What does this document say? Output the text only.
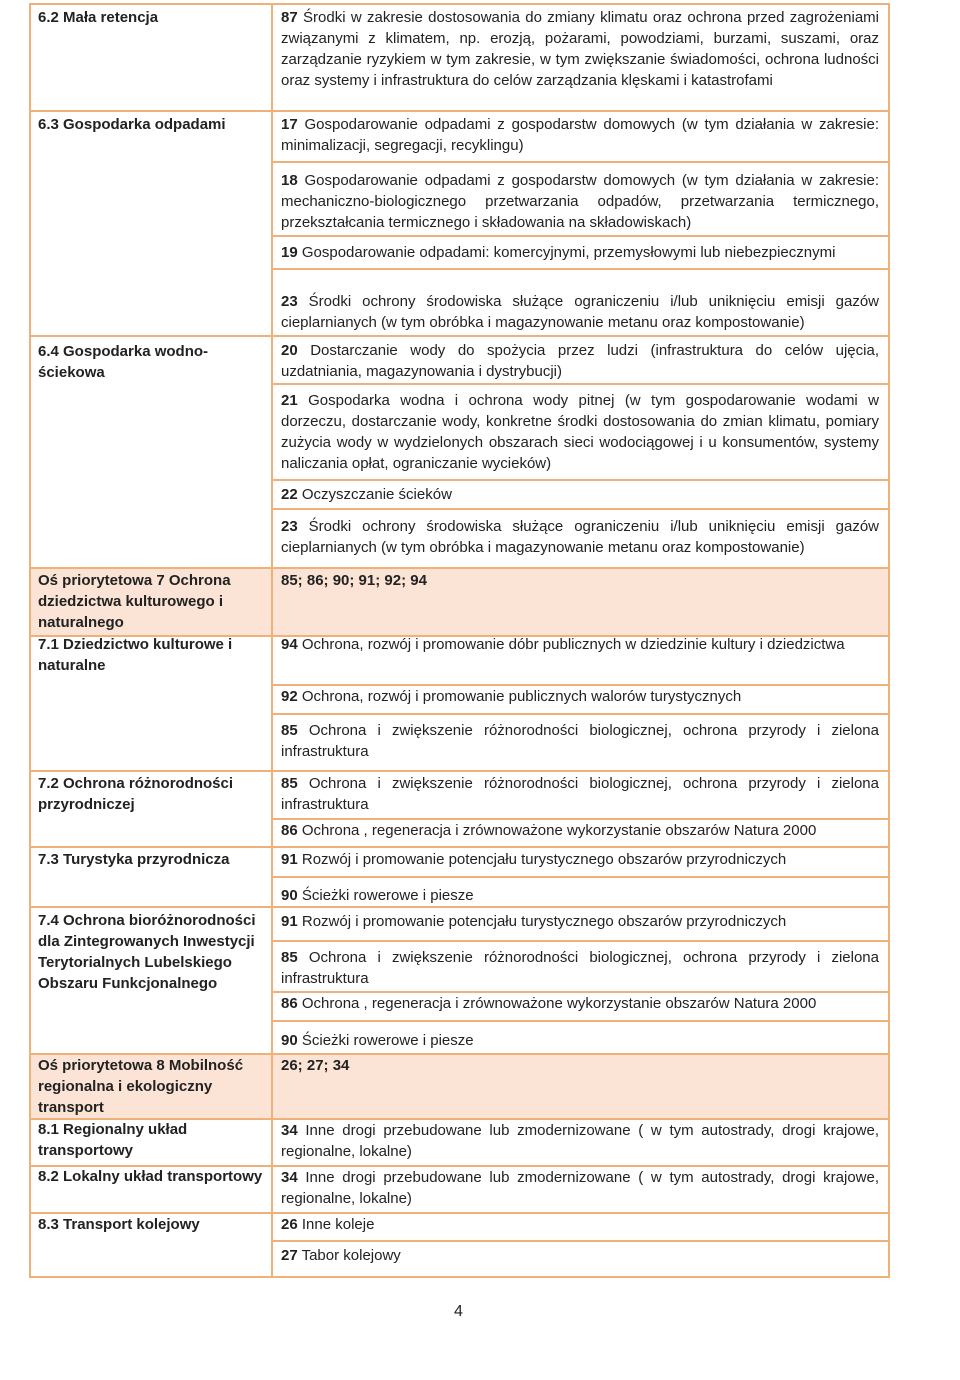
6.2 Mała retencja
6.3 Gospodarka odpadami
6.4 Gospodarka wodno-ściekowa
Oś priorytetowa 7 Ochrona dziedzictwa kulturowego i naturalnego
7.1 Dziedzictwo kulturowe i naturalne
7.2 Ochrona różnorodności przyrodniczej
7.3 Turystyka przyrodnicza
7.4 Ochrona bioróżnorodności dla Zintegrowanych Inwestycji Terytorialnych Lubelskiego Obszaru Funkcjonalnego
Oś priorytetowa 8 Mobilność regionalna i ekologiczny transport
8.1 Regionalny układ transportowy
8.2 Lokalny układ transportowy
8.3 Transport kolejowy
87 Środki w zakresie dostosowania do zmiany klimatu oraz ochrona przed zagrożeniami związanymi z klimatem, np. erozją, pożarami, powodziami, burzami, suszami, oraz zarządzanie ryzykiem w tym zakresie, w tym zwiększanie świadomości, ochrona ludności oraz systemy i infrastruktura do celów zarządzania klęskami i katastrofami
17 Gospodarowanie odpadami z gospodarstw domowych (w tym działania w zakresie: minimalizacji, segregacji, recyklingu)
18 Gospodarowanie odpadami z gospodarstw domowych (w tym działania w zakresie: mechaniczno-biologicznego przetwarzania odpadów, przetwarzania termicznego, przekształcania termicznego i składowania na składowiskach)
19 Gospodarowanie odpadami: komercyjnymi, przemysłowymi lub niebezpiecznymi
23 Środki ochrony środowiska służące ograniczeniu i/lub uniknięciu emisji gazów cieplarnianych (w tym obróbka i magazynowanie metanu oraz kompostowanie)
20 Dostarczanie wody do spożycia przez ludzi (infrastruktura do celów ujęcia, uzdatniania, magazynowania i dystrybucji)
21 Gospodarka wodna i ochrona wody pitnej (w tym gospodarowanie wodami w dorzeczu, dostarczanie wody, konkretne środki dostosowania do zmian klimatu, pomiary zużycia wody w wydzielonych obszarach sieci wodociągowej i u konsumentów, systemy naliczania opłat, ograniczanie wycieków)
22 Oczyszczanie ścieków
23 Środki ochrony środowiska służące ograniczeniu i/lub uniknięciu emisji gazów cieplarnianych (w tym obróbka i magazynowanie metanu oraz kompostowanie)
85; 86; 90; 91; 92; 94
94 Ochrona, rozwój i promowanie dóbr publicznych w dziedzinie kultury i dziedzictwa
92 Ochrona, rozwój i promowanie publicznych walorów turystycznych
85 Ochrona i zwiększenie różnorodności biologicznej, ochrona przyrody i zielona infrastruktura
85 Ochrona i zwiększenie różnorodności biologicznej, ochrona przyrody i zielona infrastruktura
86 Ochrona , regeneracja i zrównoważone wykorzystanie obszarów Natura 2000
91 Rozwój i promowanie potencjału turystycznego obszarów przyrodniczych
90 Ścieżki rowerowe i piesze
91 Rozwój i promowanie potencjału turystycznego obszarów przyrodniczych
85 Ochrona i zwiększenie różnorodności biologicznej, ochrona przyrody i zielona infrastruktura
86 Ochrona , regeneracja i zrównoważone wykorzystanie obszarów Natura 2000
90 Ścieżki rowerowe i piesze
26; 27; 34
34 Inne drogi przebudowane lub zmodernizowane ( w tym autostrady, drogi krajowe, regionalne, lokalne)
34 Inne drogi przebudowane lub zmodernizowane ( w tym autostrady, drogi krajowe, regionalne, lokalne)
26 Inne koleje
27 Tabor kolejowy
4
